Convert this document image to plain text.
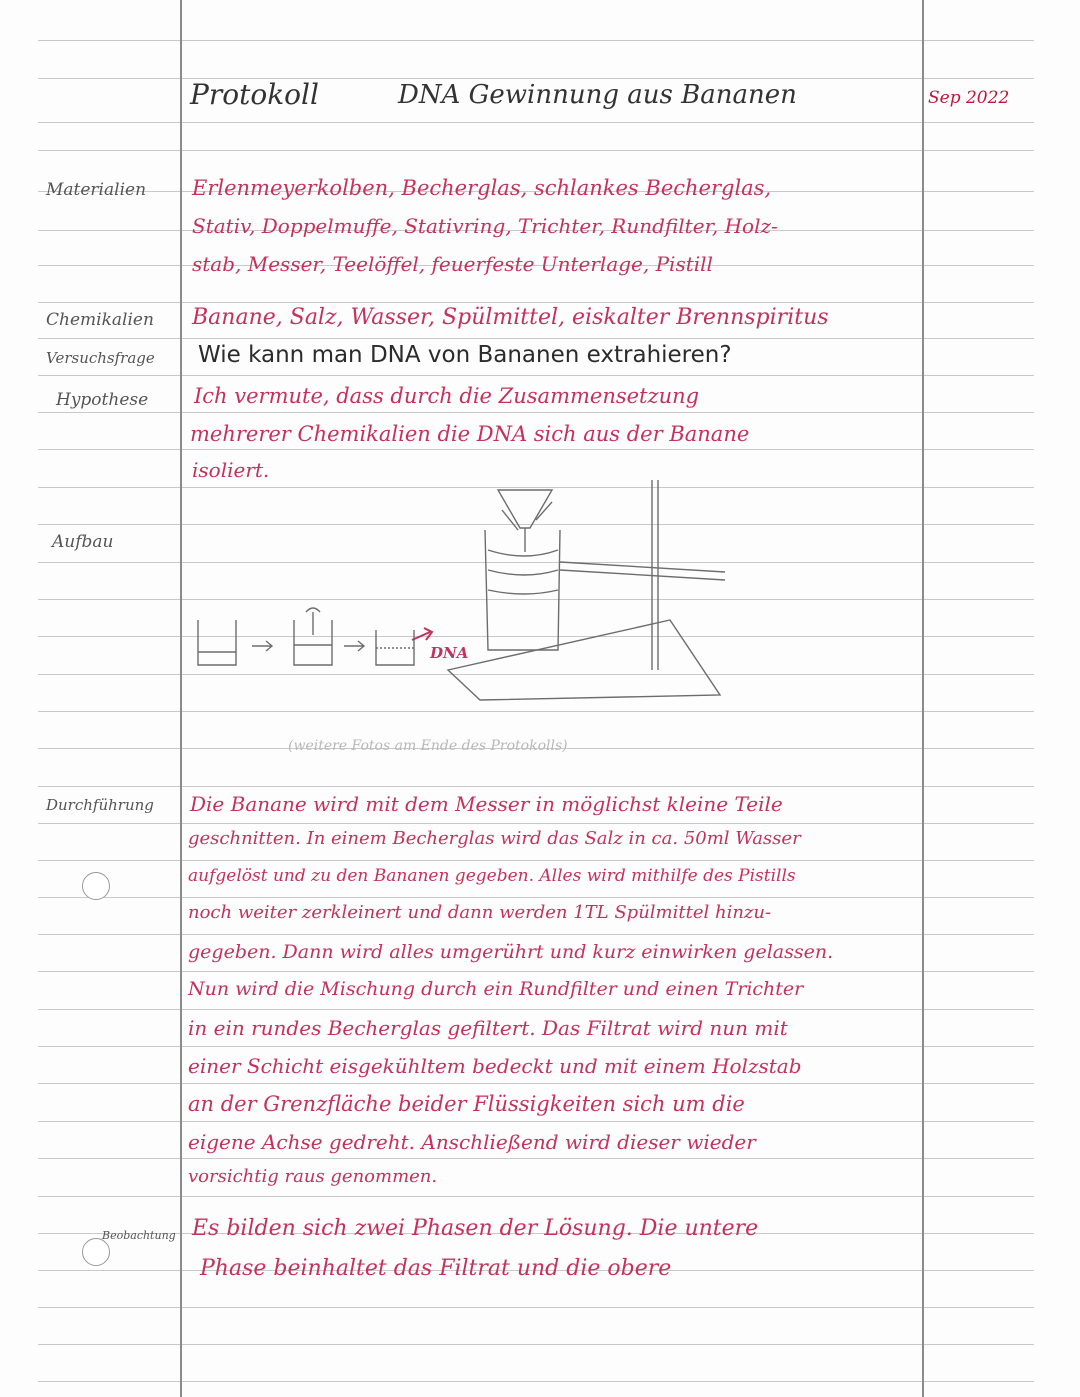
Protokoll	DNA Gewinnung aus Bananen	Sep 2022
Materialien
Chemikalien
Versuchsfrage
Hypothese
Aufbau
Durchführung
Beobachtung
Erlenmeyerkolben, Becherglas, schlankes Becherglas,
Stativ, Doppelmuffe, Stativring, Trichter, Rundfilter, Holz-
stab, Messer, Teelöffel, feuerfeste Unterlage, Pistill
Banane, Salz, Wasser, Spülmittel, eiskalter Brennspiritus
Wie kann man DNA von Bananen extrahieren?
Ich vermute, dass durch die Zusammensetzung
mehrerer Chemikalien die DNA sich aus der Banane
isoliert.
DNA
(weitere Fotos am Ende des Protokolls)
Die Banane wird mit dem Messer in möglichst kleine Teile
geschnitten. In einem Becherglas wird das Salz in ca. 50ml Wasser
aufgelöst und zu den Bananen gegeben. Alles wird mithilfe des Pistills
noch weiter zerkleinert und dann werden 1TL Spülmittel hinzu-
gegeben. Dann wird alles umgerührt und kurz einwirken gelassen.
Nun wird die Mischung durch ein Rundfilter und einen Trichter
in ein rundes Becherglas gefiltert. Das Filtrat wird nun mit
einer Schicht eisgekühltem bedeckt und mit einem Holzstab
an der Grenzfläche beider Flüssigkeiten sich um die
eigene Achse gedreht. Anschließend wird dieser wieder
vorsichtig raus genommen.
Es bilden sich zwei Phasen der Lösung. Die untere
Phase beinhaltet das Filtrat und die obere
